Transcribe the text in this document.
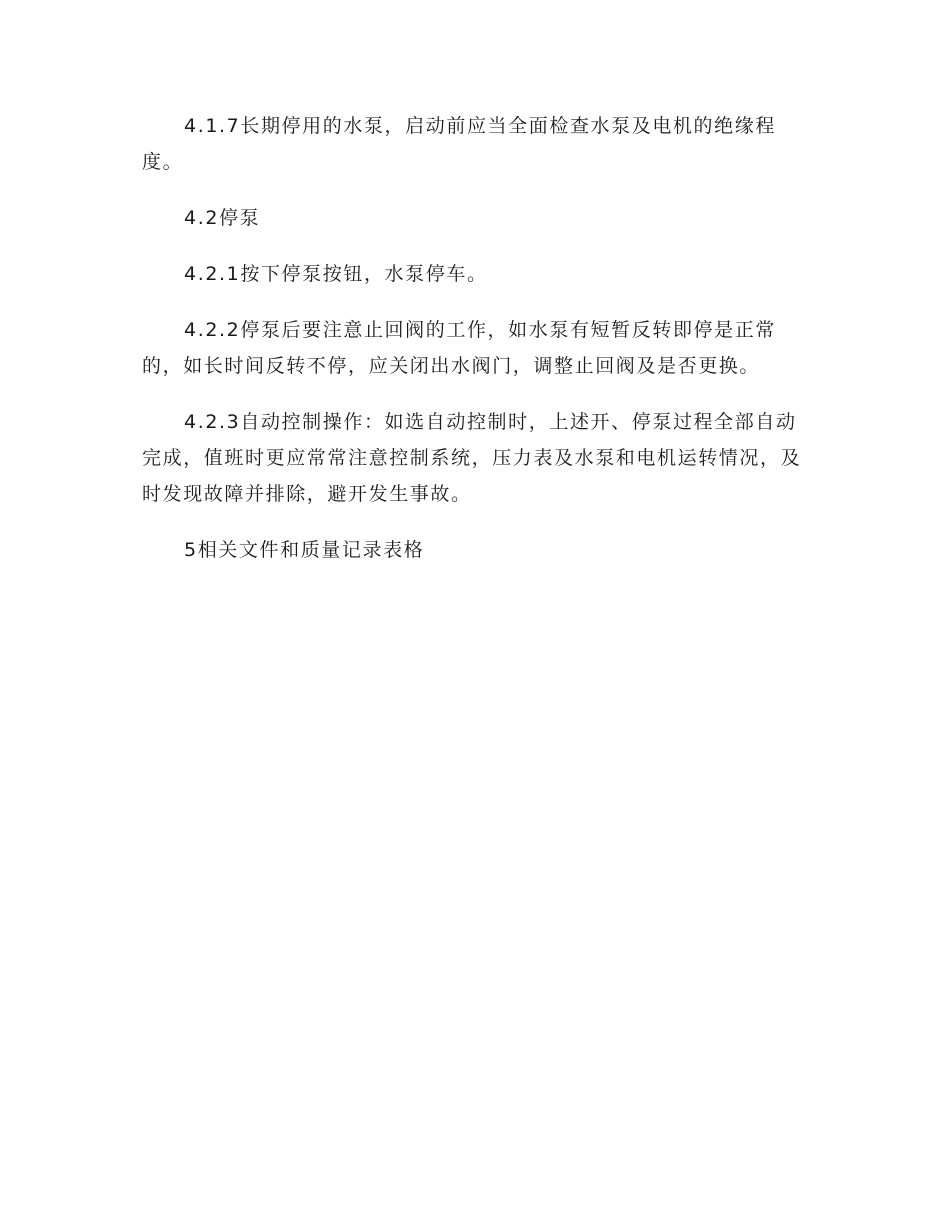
4.1.7长期停用的水泵，启动前应当全面检查水泵及电机的绝缘程度。

4.2停泵

4.2.1按下停泵按钮，水泵停车。

4.2.2停泵后要注意止回阀的工作，如水泵有短暂反转即停是正常的，如长时间反转不停，应关闭出水阀门，调整止回阀及是否更换。

4.2.3自动控制操作：如选自动控制时，上述开、停泵过程全部自动完成，值班时更应常常注意控制系统，压力表及水泵和电机运转情况，及时发现故障并排除，避开发生事故。

5相关文件和质量记录表格
